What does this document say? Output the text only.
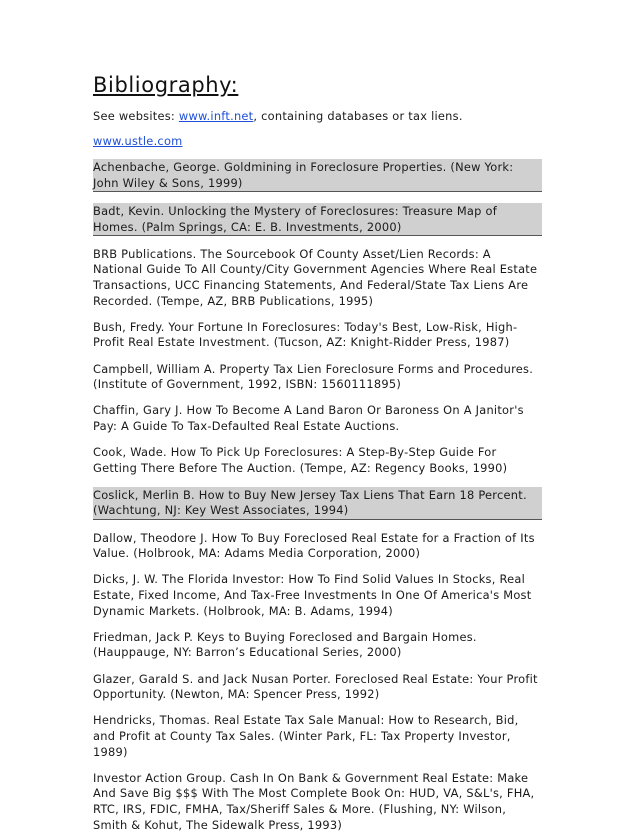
Bibliography:

See websites: www.inft.net, containing databases or tax liens.

www.ustle.com

Achenbache, George. Goldmining in Foreclosure Properties. (New York: John Wiley & Sons, 1999)

Badt, Kevin. Unlocking the Mystery of Foreclosures: Treasure Map of Homes. (Palm Springs, CA: E. B. Investments, 2000)

BRB Publications. The Sourcebook Of County Asset/Lien Records: A National Guide To All County/City Government Agencies Where Real Estate Transactions, UCC Financing Statements, And Federal/State Tax Liens Are Recorded. (Tempe, AZ, BRB Publications, 1995)

Bush, Fredy. Your Fortune In Foreclosures: Today's Best, Low-Risk, High-Profit Real Estate Investment. (Tucson, AZ: Knight-Ridder Press, 1987)

Campbell, William A. Property Tax Lien Foreclosure Forms and Procedures. (Institute of Government, 1992, ISBN: 1560111895)

Chaffin, Gary J. How To Become A Land Baron Or Baroness On A Janitor's Pay: A Guide To Tax-Defaulted Real Estate Auctions.

Cook, Wade. How To Pick Up Foreclosures: A Step-By-Step Guide For Getting There Before The Auction. (Tempe, AZ: Regency Books, 1990)

Coslick, Merlin B. How to Buy New Jersey Tax Liens That Earn 18 Percent. (Wachtung, NJ: Key West Associates, 1994)

Dallow, Theodore J. How To Buy Foreclosed Real Estate for a Fraction of Its Value. (Holbrook, MA: Adams Media Corporation, 2000)

Dicks, J. W. The Florida Investor: How To Find Solid Values In Stocks, Real Estate, Fixed Income, And Tax-Free Investments In One Of America's Most Dynamic Markets. (Holbrook, MA: B. Adams, 1994)

Friedman, Jack P. Keys to Buying Foreclosed and Bargain Homes. (Hauppauge, NY: Barron’s Educational Series, 2000)

Glazer, Garald S. and Jack Nusan Porter. Foreclosed Real Estate: Your Profit Opportunity. (Newton, MA: Spencer Press, 1992)

Hendricks, Thomas. Real Estate Tax Sale Manual: How to Research, Bid, and Profit at County Tax Sales. (Winter Park, FL: Tax Property Investor, 1989)

Investor Action Group. Cash In On Bank & Government Real Estate: Make And Save Big $$$ With The Most Complete Book On: HUD, VA, S&L's, FHA, RTC, IRS, FDIC, FMHA, Tax/Sheriff Sales & More. (Flushing, NY: Wilson, Smith & Kohut, The Sidewalk Press, 1993)
